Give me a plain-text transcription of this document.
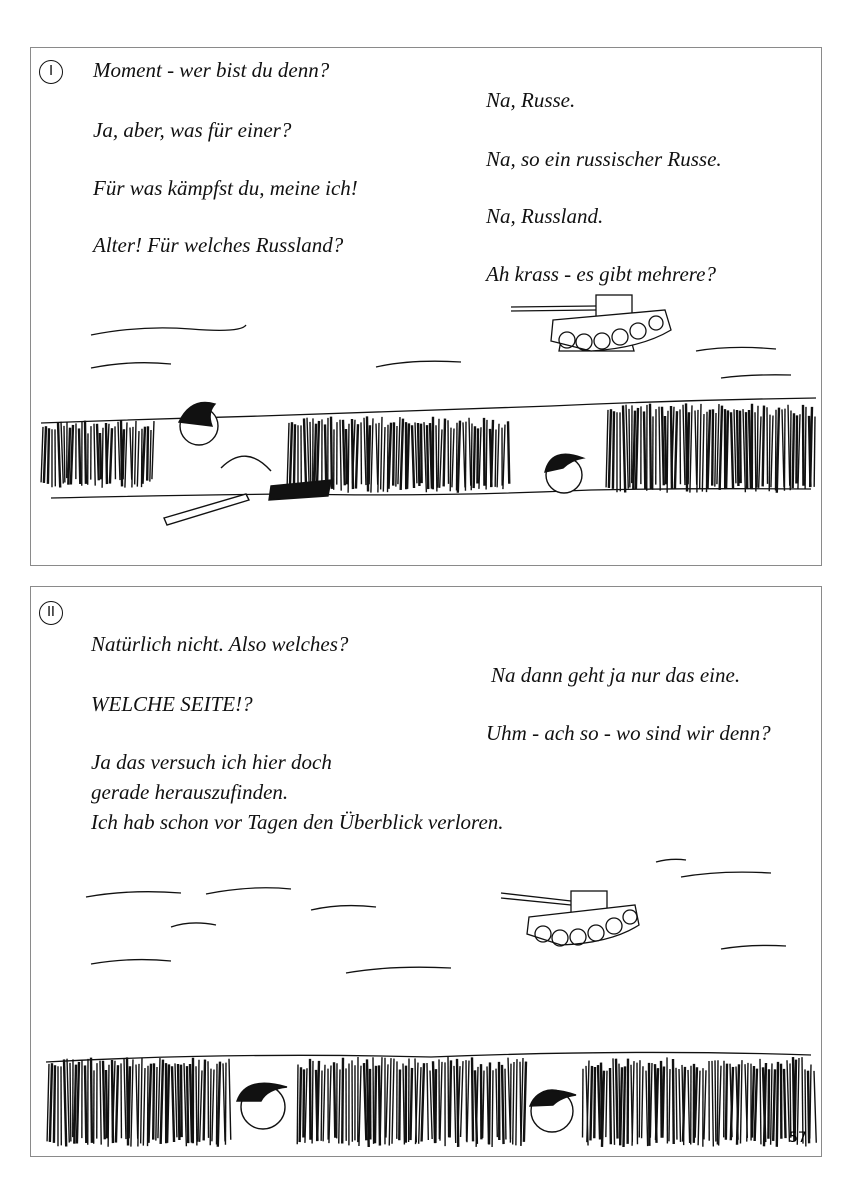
I	Moment - wer bist du denn?
Ja, aber, was für einer?
Für was kämpfst du, meine ich!
Alter! Für welches Russland?
Na, Russe.
Na, so ein russischer Russe.
Na, Russland.
Ah krass - es gibt mehrere?
II
Natürlich nicht. Also welches?
WELCHE SEITE!?
Ja das versuch ich hier doch
gerade herauszufinden.
Ich hab schon vor Tagen den Überblick verloren.
Na dann geht ja nur das eine.
Uhm - ach so - wo sind wir denn?
57
